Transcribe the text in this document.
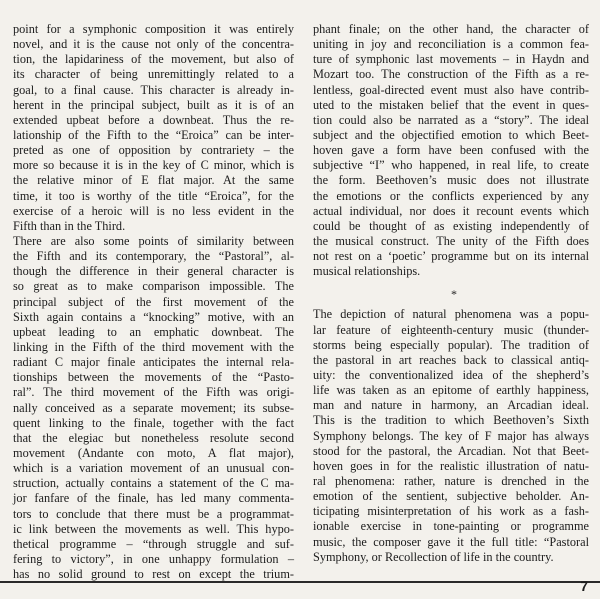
point for a symphonic composition it was entirely
novel, and it is the cause not only of the concentra-
tion, the lapidariness of the movement, but also of
its character of being unremittingly related to a
goal, to a final cause. This character is already in-
herent in the principal subject, built as it is of an
extended upbeat before a downbeat. Thus the re-
lationship of the Fifth to the “Eroica” can be inter-
preted as one of opposition by contrariety – the
more so because it is in the key of C minor, which is
the relative minor of E flat major. At the same
time, it too is worthy of the title “Eroica”, for the
exercise of a heroic will is no less evident in the
Fifth than in the Third.
There are also some points of similarity between
the Fifth and its contemporary, the “Pastoral”, al-
though the difference in their general character is
so great as to make comparison impossible. The
principal subject of the first movement of the
Sixth again contains a “knocking” motive, with an
upbeat leading to an emphatic downbeat. The
linking in the Fifth of the third movement with the
radiant C major finale anticipates the internal rela-
tionships between the movements of the “Pasto-
ral”. The third movement of the Fifth was origi-
nally conceived as a separate movement; its subse-
quent linking to the finale, together with the fact
that the elegiac but nonetheless resolute second
movement (Andante con moto, A flat major),
which is a variation movement of an unusual con-
struction, actually contains a statement of the C ma-
jor fanfare of the finale, has led many commenta-
tors to conclude that there must be a programmat-
ic link between the movements as well. This hypo-
thetical programme – “through struggle and suf-
fering to victory”, in one unhappy formulation –
has no solid ground to rest on except the trium-
phant finale; on the other hand, the character of
uniting in joy and reconciliation is a common fea-
ture of symphonic last movements – in Haydn and
Mozart too. The construction of the Fifth as a re-
lentless, goal-directed event must also have contrib-
uted to the mistaken belief that the event in ques-
tion could also be narrated as a “story”. The ideal
subject and the objectified emotion to which Beet-
hoven gave a form have been confused with the
subjective “I” who happened, in real life, to create
the form. Beethoven’s music does not illustrate
the emotions or the conflicts experienced by any
actual individual, nor does it recount events which
could be thought of as existing independently of
the musical construct. The unity of the Fifth does
not rest on a ‘poetic’ programme but on its internal
musical relationships.
*
The depiction of natural phenomena was a popu-
lar feature of eighteenth-century music (thunder-
storms being especially popular). The tradition of
the pastoral in art reaches back to classical antiq-
uity: the conventionalized idea of the shepherd’s
life was taken as an epitome of earthly happiness,
man and nature in harmony, an Arcadian ideal.
This is the tradition to which Beethoven’s Sixth
Symphony belongs. The key of F major has always
stood for the pastoral, the Arcadian. Not that Beet-
hoven goes in for the realistic illustration of natu-
ral phenomena: rather, nature is drenched in the
emotion of the sentient, subjective beholder. An-
ticipating misinterpretation of his work as a fash-
ionable exercise in tone-painting or programme
music, the composer gave it the full title: “Pastoral
Symphony, or Recollection of life in the country.
7
